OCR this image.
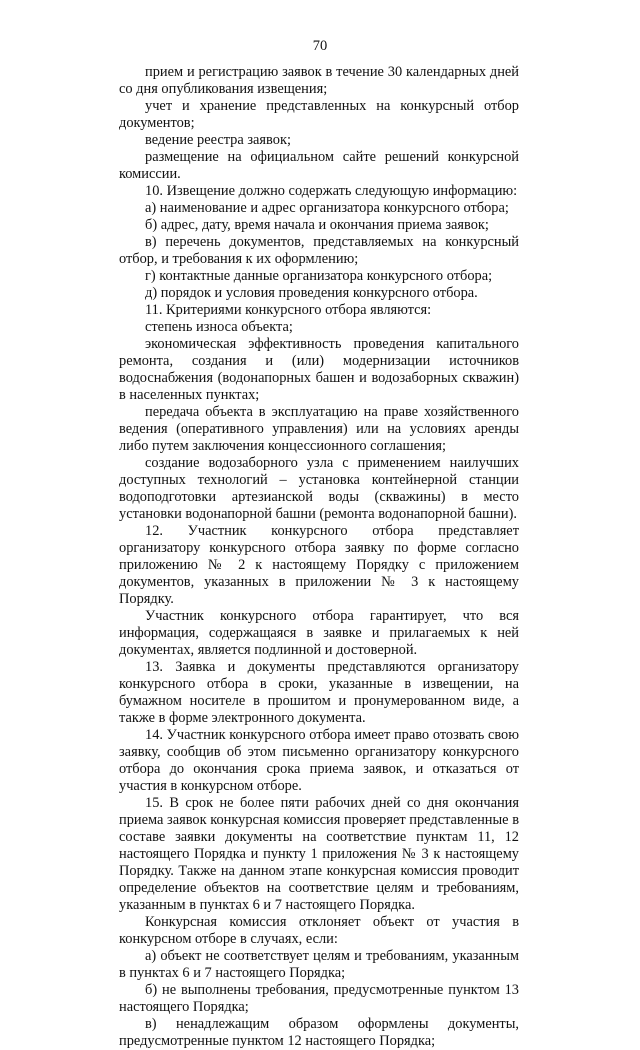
70

прием и регистрацию заявок в течение 30 календарных дней со дня опубликования извещения;

учет и хранение представленных на конкурсный отбор документов;

ведение реестра заявок;

размещение на официальном сайте решений конкурсной комиссии.

10. Извещение должно содержать следующую информацию:

а) наименование и адрес организатора конкурсного отбора;

б) адрес, дату, время начала и окончания приема заявок;

в) перечень документов, представляемых на конкурсный отбор, и требования к их оформлению;

г) контактные данные организатора конкурсного отбора;

д) порядок и условия проведения конкурсного отбора.

11. Критериями конкурсного отбора являются:

степень износа объекта;

экономическая эффективность проведения капитального ремонта, создания и (или) модернизации источников водоснабжения (водонапорных башен и водозаборных скважин) в населенных пунктах;

передача объекта в эксплуатацию на праве хозяйственного ведения (оперативного управления) или на условиях аренды либо путем заключения концессионного соглашения;

создание водозаборного узла с применением наилучших доступных технологий – установка контейнерной станции водоподготовки артезианской воды (скважины) в место установки водонапорной башни (ремонта водонапорной башни).

12. Участник конкурсного отбора представляет организатору конкурсного отбора заявку по форме согласно приложению № 2 к настоящему Порядку с приложением документов, указанных в приложении № 3 к настоящему Порядку.

Участник конкурсного отбора гарантирует, что вся информация, содержащаяся в заявке и прилагаемых к ней документах, является подлинной и достоверной.

13. Заявка и документы представляются организатору конкурсного отбора в сроки, указанные в извещении, на бумажном носителе в прошитом и пронумерованном виде, а также в форме электронного документа.

14. Участник конкурсного отбора имеет право отозвать свою заявку, сообщив об этом письменно организатору конкурсного отбора до окончания срока приема заявок, и отказаться от участия в конкурсном отборе.

15. В срок не более пяти рабочих дней со дня окончания приема заявок конкурсная комиссия проверяет представленные в составе заявки документы на соответствие пунктам 11, 12 настоящего Порядка и пункту 1 приложения № 3 к настоящему Порядку. Также на данном этапе конкурсная комиссия проводит определение объектов на соответствие целям и требованиям, указанным в пунктах 6 и 7 настоящего Порядка.

Конкурсная комиссия отклоняет объект от участия в конкурсном отборе в случаях, если:

а) объект не соответствует целям и требованиям, указанным в пунктах 6 и 7 настоящего Порядка;

б) не выполнены требования, предусмотренные пунктом 13 настоящего Порядка;

в) ненадлежащим образом оформлены документы, предусмотренные пунктом 12 настоящего Порядка;
